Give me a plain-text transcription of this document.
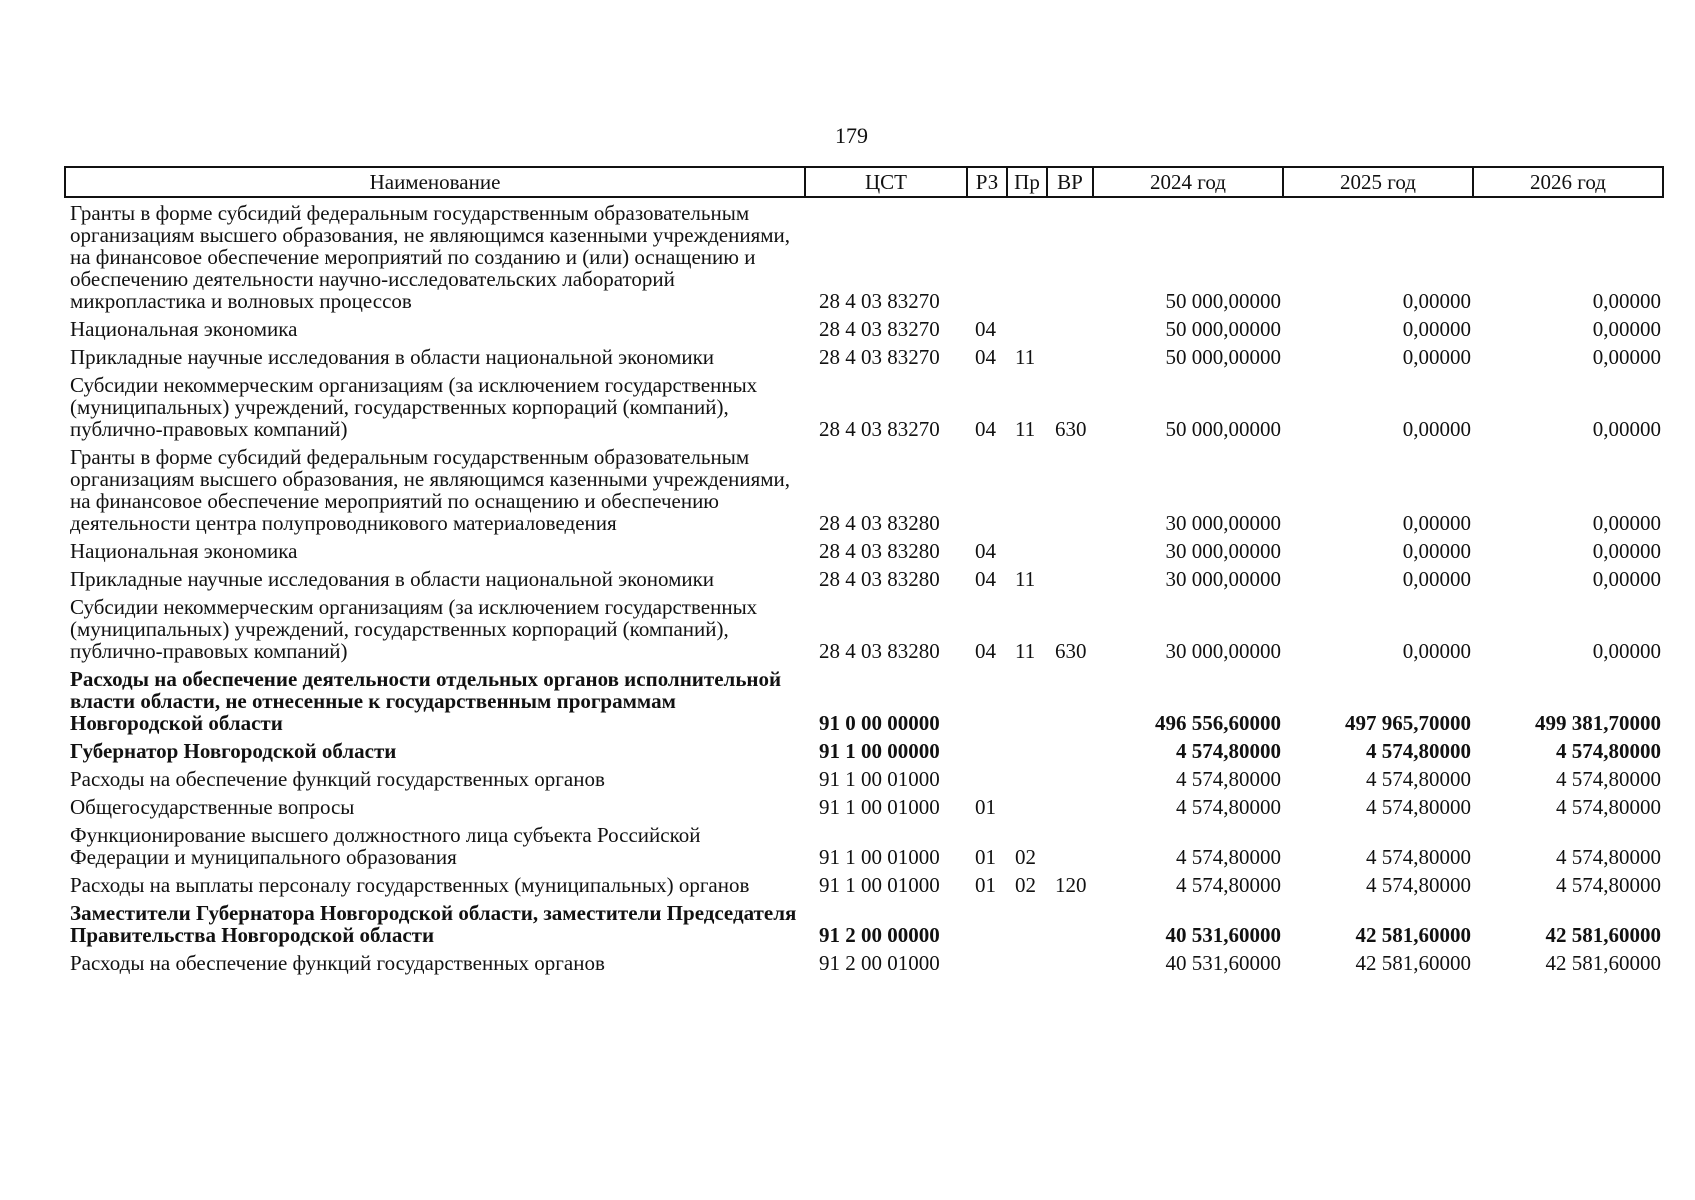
179
Наименование	ЦСТ	РЗ	Пр	ВР	2024 год	2025 год	2026 год
Гранты в форме субсидий федеральным государственным образовательным организациям высшего образования, не являющимся казенными учреждениями, на финансовое обеспечение мероприятий по созданию и (или) оснащению и обеспечению деятельности научно-исследовательских лабораторий микропластика и волновых процессов	28 4 03 83270				50 000,00000	0,00000	0,00000
Национальная экономика	28 4 03 83270	04			50 000,00000	0,00000	0,00000
Прикладные научные исследования в области национальной экономики	28 4 03 83270	04	11		50 000,00000	0,00000	0,00000
Субсидии некоммерческим организациям (за исключением государственных (муниципальных) учреждений, государственных корпораций (компаний), публично-правовых компаний)	28 4 03 83270	04	11	630	50 000,00000	0,00000	0,00000
Гранты в форме субсидий федеральным государственным образовательным организациям высшего образования, не являющимся казенными учреждениями, на финансовое обеспечение мероприятий по оснащению и обеспечению деятельности центра полупроводникового материаловедения	28 4 03 83280				30 000,00000	0,00000	0,00000
Национальная экономика	28 4 03 83280	04			30 000,00000	0,00000	0,00000
Прикладные научные исследования в области национальной экономики	28 4 03 83280	04	11		30 000,00000	0,00000	0,00000
Субсидии некоммерческим организациям (за исключением государственных (муниципальных) учреждений, государственных корпораций (компаний), публично-правовых компаний)	28 4 03 83280	04	11	630	30 000,00000	0,00000	0,00000
Расходы на обеспечение деятельности отдельных органов исполнительной власти области, не отнесенные к государственным программам Новгородской области	91 0 00 00000				496 556,60000	497 965,70000	499 381,70000
Губернатор Новгородской области	91 1 00 00000				4 574,80000	4 574,80000	4 574,80000
Расходы на обеспечение функций государственных органов	91 1 00 01000				4 574,80000	4 574,80000	4 574,80000
Общегосударственные вопросы	91 1 00 01000	01			4 574,80000	4 574,80000	4 574,80000
Функционирование высшего должностного лица субъекта Российской Федерации и муниципального образования	91 1 00 01000	01	02		4 574,80000	4 574,80000	4 574,80000
Расходы на выплаты персоналу государственных (муниципальных) органов	91 1 00 01000	01	02	120	4 574,80000	4 574,80000	4 574,80000
Заместители Губернатора Новгородской области, заместители Председателя Правительства Новгородской области	91 2 00 00000				40 531,60000	42 581,60000	42 581,60000
Расходы на обеспечение функций государственных органов	91 2 00 01000				40 531,60000	42 581,60000	42 581,60000
